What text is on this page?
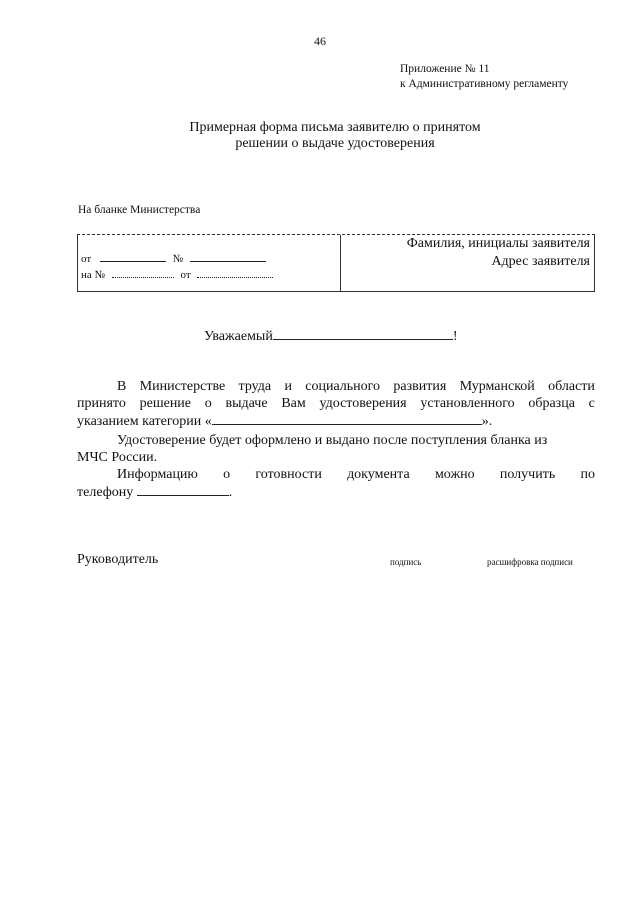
46
Приложение № 11
к Административному регламенту
Примерная форма письма заявителю о принятом
решении о выдаче удостоверения
На бланке Министерства
от	№
на №	от
Фамилия, инициалы заявителя
Адрес заявителя
Уважаемый	!
В Министерстве труда и социального развития Мурманской области
принято решение о выдаче Вам удостоверения установленного образца с
указанием категории «	».
Удостоверение будет оформлено и выдано после поступления бланка из
МЧС России.
Информацию о готовности документа можно получить по
телефону	.
Руководитель	подпись	расшифровка подписи
